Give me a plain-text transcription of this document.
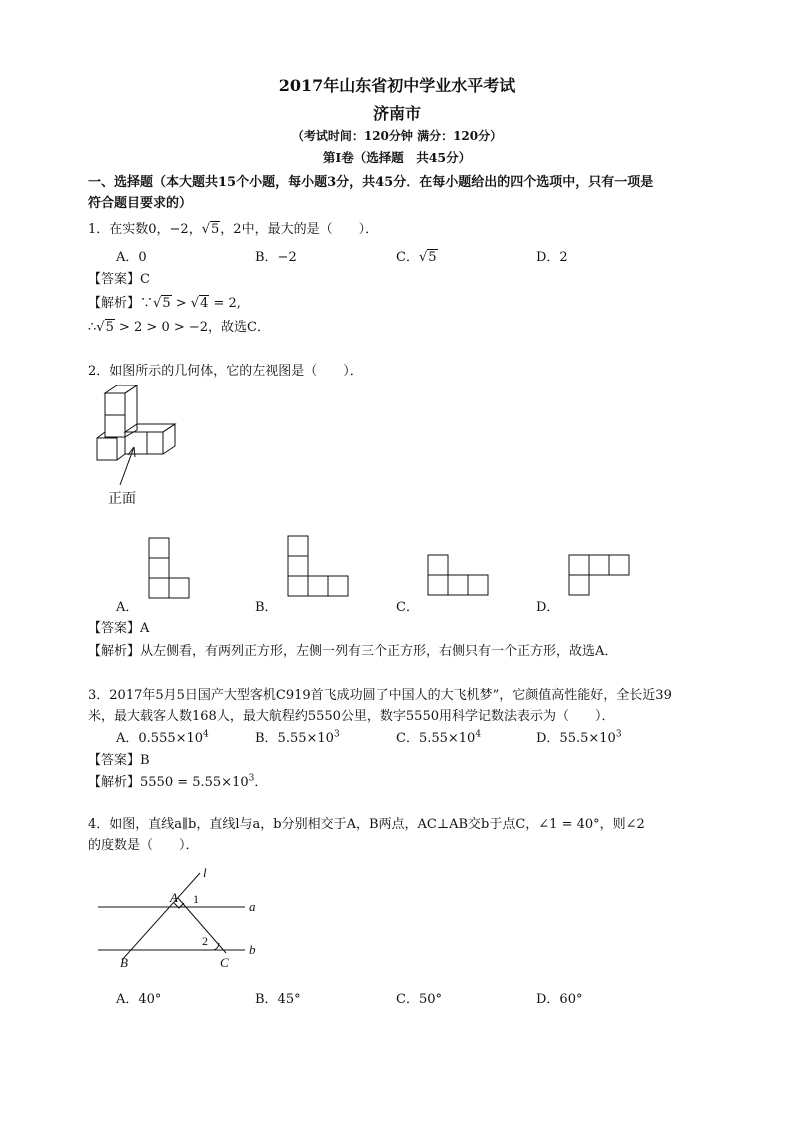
2017年山东省初中学业水平考试
济南市
（考试时间：120分钟 满分：120分）
第Ⅰ卷（选择题　共45分）
一、选择题（本大题共15个小题，每小题3分，共45分．在每小题给出的四个选项中，只有一项是
符合题目要求的）
1．在实数0，−2，√5，2中，最大的是（　　）．
A．0	B．−2	C．√5	D．2
【答案】C
【解析】∵√5 > √4 = 2,
∴√5 > 2 > 0 > −2，故选C．
2．如图所示的几何体，它的左视图是（　　）．
正面
A．	B．	C．	D．
【答案】A
【解析】从左侧看，有两列正方形，左侧一列有三个正方形，右侧只有一个正方形，故选A．
3．2017年5月5日国产大型客机C919首飞成功圆了中国人的大飞机梦”，它颜值高性能好，全长近39
米，最大载客人数168人，最大航程约5550公里，数字5550用科学记数法表示为（　　）．
A．$0.555\times 10^4$	B．$5.55\times 10^3$	C．$5.55\times 10^4$	D．$55.5\times 10^3$
【答案】B
【解析】$5550 = 5.55\times 10^3$．
4．如图，直线a∥b，直线l与a，b分别相交于A，B两点，AC⊥AB交b于点C，∠1 = 40°，则∠2
的度数是（　　）．
l
a
b
A
B	C
1
2
A．40°	B．45°	C．50°	D．60°
